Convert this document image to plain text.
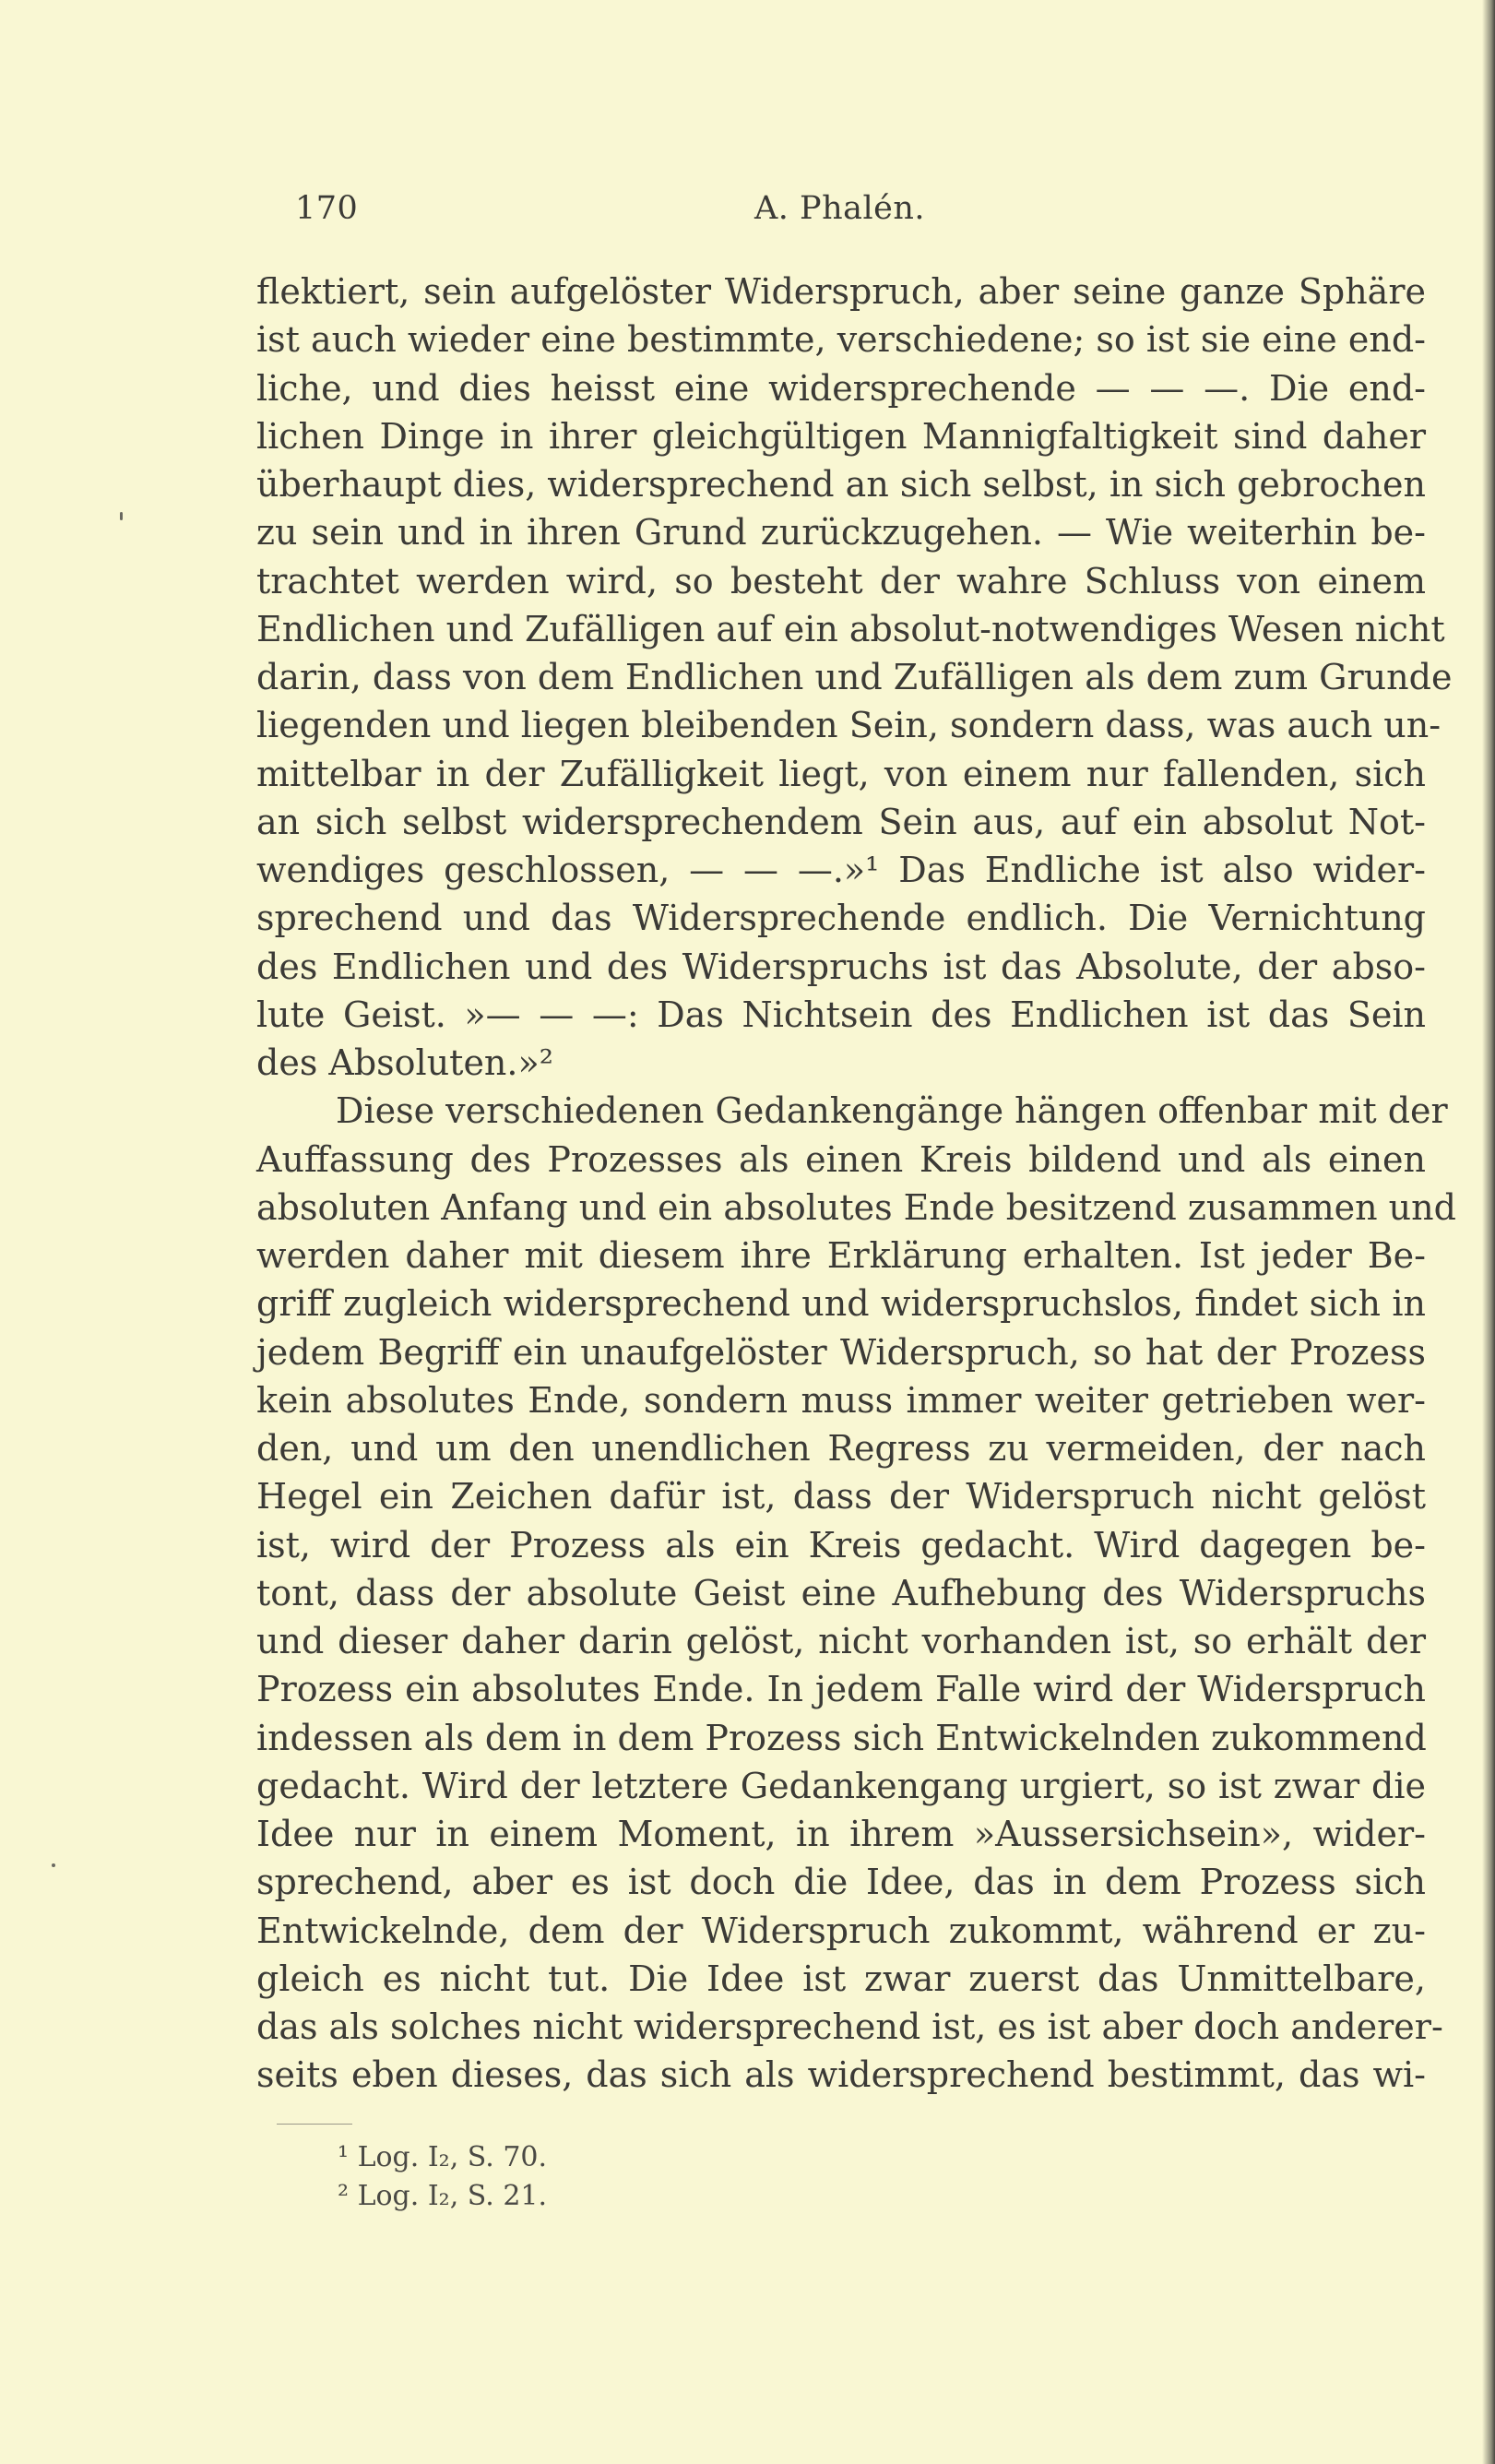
170	A. Phalén.
flektiert, sein aufgelöster Widerspruch, aber seine ganze Sphäre
ist auch wieder eine bestimmte, verschiedene; so ist sie eine end-
liche, und dies heisst eine widersprechende — — —. Die end-
lichen Dinge in ihrer gleichgültigen Mannigfaltigkeit sind daher
überhaupt dies, widersprechend an sich selbst, in sich gebrochen
zu sein und in ihren Grund zurückzugehen. — Wie weiterhin be-
trachtet werden wird, so besteht der wahre Schluss von einem
Endlichen und Zufälligen auf ein absolut-notwendiges Wesen nicht
darin, dass von dem Endlichen und Zufälligen als dem zum Grunde
liegenden und liegen bleibenden Sein, sondern dass, was auch un-
mittelbar in der Zufälligkeit liegt, von einem nur fallenden, sich
an sich selbst widersprechendem Sein aus, auf ein absolut Not-
wendiges geschlossen, — — —.»¹ Das Endliche ist also wider-
sprechend und das Widersprechende endlich. Die Vernichtung
des Endlichen und des Widerspruchs ist das Absolute, der abso-
lute Geist. »— — —: Das Nichtsein des Endlichen ist das Sein
des Absoluten.»²
Diese verschiedenen Gedankengänge hängen offenbar mit der
Auffassung des Prozesses als einen Kreis bildend und als einen
absoluten Anfang und ein absolutes Ende besitzend zusammen und
werden daher mit diesem ihre Erklärung erhalten. Ist jeder Be-
griff zugleich widersprechend und widerspruchslos, findet sich in
jedem Begriff ein unaufgelöster Widerspruch, so hat der Prozess
kein absolutes Ende, sondern muss immer weiter getrieben wer-
den, und um den unendlichen Regress zu vermeiden, der nach
Hegel ein Zeichen dafür ist, dass der Widerspruch nicht gelöst
ist, wird der Prozess als ein Kreis gedacht. Wird dagegen be-
tont, dass der absolute Geist eine Aufhebung des Widerspruchs
und dieser daher darin gelöst, nicht vorhanden ist, so erhält der
Prozess ein absolutes Ende. In jedem Falle wird der Widerspruch
indessen als dem in dem Prozess sich Entwickelnden zukommend
gedacht. Wird der letztere Gedankengang urgiert, so ist zwar die
Idee nur in einem Moment, in ihrem »Aussersichsein», wider-
sprechend, aber es ist doch die Idee, das in dem Prozess sich
Entwickelnde, dem der Widerspruch zukommt, während er zu-
gleich es nicht tut. Die Idee ist zwar zuerst das Unmittelbare,
das als solches nicht widersprechend ist, es ist aber doch anderer-
seits eben dieses, das sich als widersprechend bestimmt, das wi-
¹ Log. I₂, S. 70.
² Log. I₂, S. 21.
